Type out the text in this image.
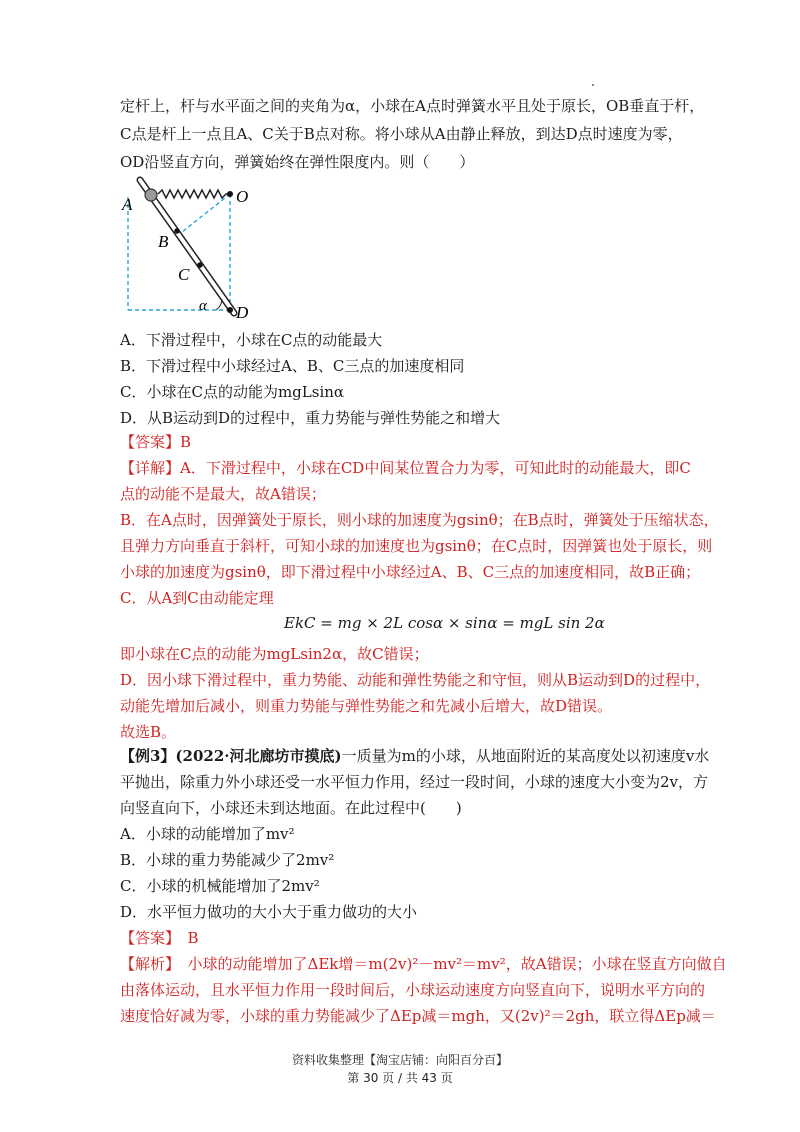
定杆上，杆与水平面之间的夹角为α，小球在A点时弹簧水平且处于原长，OB垂直于杆，
C点是杆上一点且A、C关于B点对称。将小球从A由静止释放，到达D点时速度为零，
OD沿竖直方向，弹簧始终在弹性限度内。则（　　）
A	O
B
C
D
α
A．下滑过程中，小球在C点的动能最大
B．下滑过程中小球经过A、B、C三点的加速度相同
C．小球在C点的动能为mgLsinα
D．从B运动到D的过程中，重力势能与弹性势能之和增大
【答案】B
【详解】A．下滑过程中，小球在CD中间某位置合力为零，可知此时的动能最大，即C
点的动能不是最大，故A错误；
B．在A点时，因弹簧处于原长，则小球的加速度为gsinθ；在B点时，弹簧处于压缩状态，
且弹力方向垂直于斜杆，可知小球的加速度也为gsinθ；在C点时，因弹簧也处于原长，则
小球的加速度为gsinθ，即下滑过程中小球经过A、B、C三点的加速度相同，故B正确；
C．从A到C由动能定理
EkC = mg × 2L cosα × sinα = mgL sin 2α
即小球在C点的动能为mgLsin2α，故C错误；
D．因小球下滑过程中，重力势能、动能和弹性势能之和守恒，则从B运动到D的过程中，
动能先增加后减小，则重力势能与弹性势能之和先减小后增大，故D错误。
故选B。
【例3】(2022·河北廊坊市摸底)一质量为m的小球，从地面附近的某高度处以初速度v水
平抛出，除重力外小球还受一水平恒力作用，经过一段时间，小球的速度大小变为2v，方
向竖直向下，小球还未到达地面。在此过程中(　　)
A．小球的动能增加了mv²
B．小球的重力势能减少了2mv²
C．小球的机械能增加了2mv²
D．水平恒力做功的大小大于重力做功的大小
【答案】　B
【解析】　小球的动能增加了ΔEk增＝m(2v)²－mv²＝mv²，故A错误；小球在竖直方向做自
由落体运动，且水平恒力作用一段时间后，小球运动速度方向竖直向下，说明水平方向的
速度恰好减为零，小球的重力势能减少了ΔEp减＝mgh，又(2v)²＝2gh，联立得ΔEp减＝
资料收集整理【淘宝店铺：向阳百分百】
第 30 页 / 共 43 页
